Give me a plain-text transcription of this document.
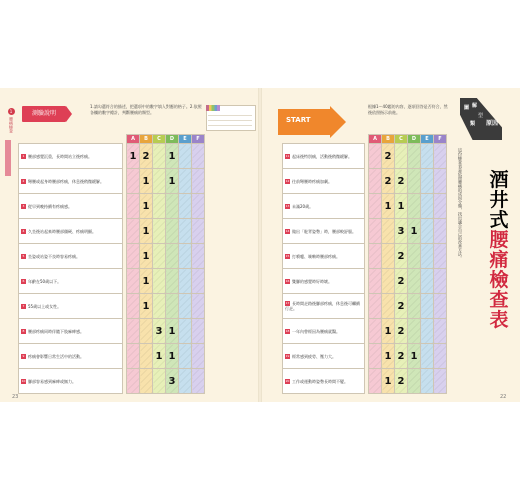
1
腰痛檢查
測驗說明
1.請勾選符合的描述，把選項中的數字填入對應的格子。2.依照各欄的數字總計，判斷腰痛的類型。
START
根據1～40題的內容，逐項回答是否符合，然後依照指示前進。
圖 解
類
型
原因
這份檢查表是依照腰痛的成因分類，找出適合自己的改善方法。 酒井式
腰痛檢查表
		A	B	C	D	E	F
1 腰部感覺沉重，長時間站立後疼痛。		1	2		1		
2 彎腰或起身時腰部疼痛，休息後稍微緩解。			1		1		
3 從早到晚持續有疼痛感。			1				
4 久坐後站起來時腰部僵硬、疼痛明顯。			1				
5 坐姿或站姿不良時容易疼痛。			1				
6 年齡在50歲以下。			1				
7 55歲以上或女性。			1				
8 腰部疼痛同時伴隨下肢麻痺感。				3	1		
9 疼痛會影響日常生活中的活動。				1	1		
10 腳部容易感到麻痺或無力。					3		
		A	B	C	D	E	F
11 起床後特別痛，活動後稍微緩解。			2				
12 往前彎腰時疼痛加劇。			2	2			
13 未滿20歲。			1	1			
14 做出「駝背姿勢」時，腰部較舒服。				3	1		
15 打噴嚏、咳嗽時腰部疼痛。				2			
16 雙腳的感覺時好時壞。				2			
17 長時間走路後腳部疼痛，休息後可繼續行走。				2			
18 一年內曾經因為腰痛就醫。			1	2			
19 經常感到疲勞、壓力大。			1	2	1		
20 工作或運動時姿勢長時間不變。			1	2			
23	22
